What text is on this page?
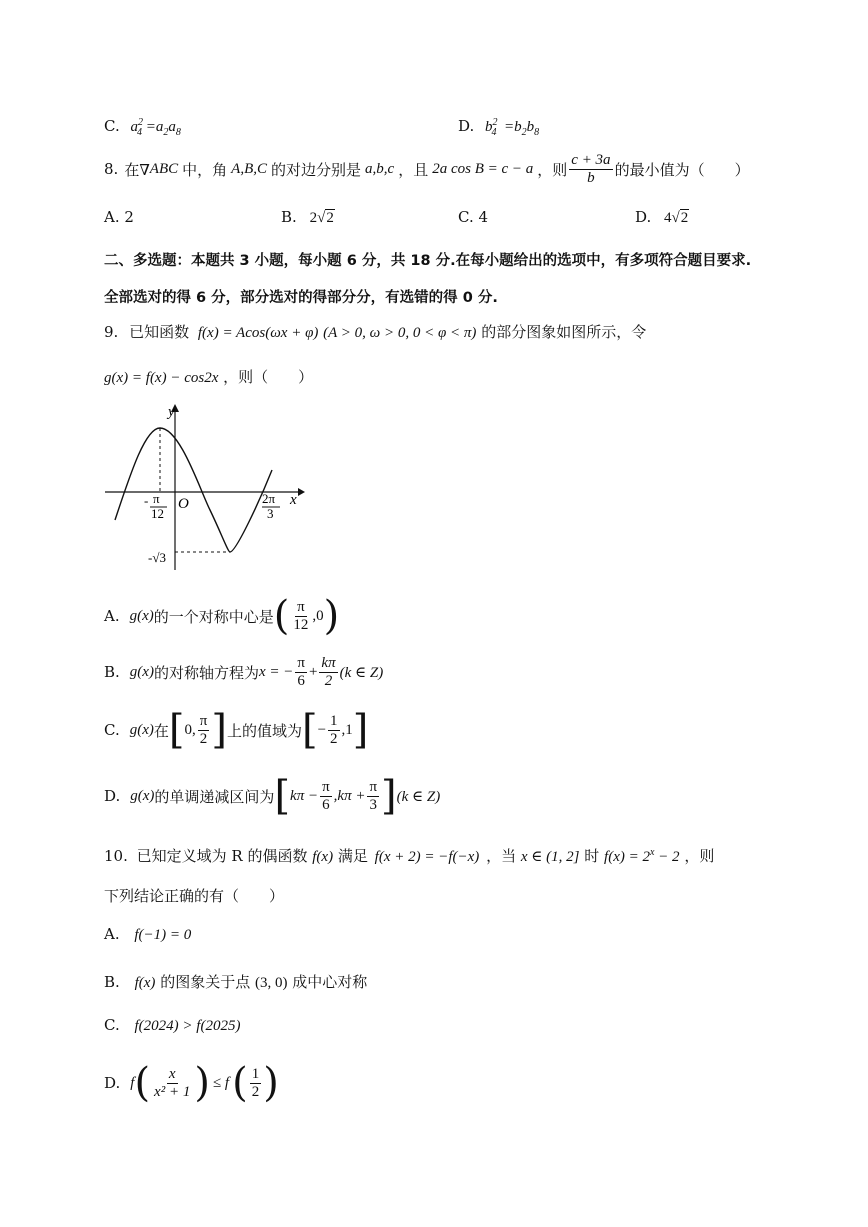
C. $a^2_4 =a_2a_8$	D. $b^2_4 =b_2b_8$
8. 在∇ ABC 中，角 A,B,C 的对边分别是 a,b,c ，且 2a cos B = c − a ，则 $\frac{c + 3a}{b}$ 的最小值为（　　）
A. 2	B. 2√2	C. 4	D. 4√2
二、多选题：本题共 3 小题，每小题 6 分，共 18 分.在每小题给出的选项中，有多项符合题目要求.
全部选对的得 6 分，部分选对的得部分分，有选错的得 0 分.
9. 已知函数 f(x) = Acos(ωx + φ) (A > 0, ω > 0, 0 < φ < π) 的部分图象如图所示，令
g(x) = f(x) − cos2x ，则（　　）
y
x
O
- π
12
2π
3
-√3
A. g(x) 的一个对称中心是 ( $\frac{\pi}{12} ,0$ )
B. g(x) 的对称轴方程为 x = − $\frac{\pi}{6} + \frac{k\pi}{2} (k$ ∈ Z)
C. g(x) 在 [ 0, $\frac{\pi}{2}$ ] 上的值域为 [ − $\frac{1}{2} ,1$ ]
D. g(x) 的单调递减区间为 [ $k\pi - \frac{\pi}{6} ,k\pi + \frac{\pi}{3}$ ] (k ∈ Z)
10. 已知定义域为 R 的偶函数 f(x) 满足 f(x + 2) = −f(−x) ，当 x ∈ (1, 2] 时 $f(x) = 2^x - 2$ ，则
下列结论正确的有（　　）
A. f(−1) = 0
B. f(x) 的图象关于点 (3, 0) 成中心对称
C. f(2024) > f(2025)
D. f ( $\frac{x}{\text{x² + 1}}$ ) ≤ f ( $\frac{1}{2}$ )
